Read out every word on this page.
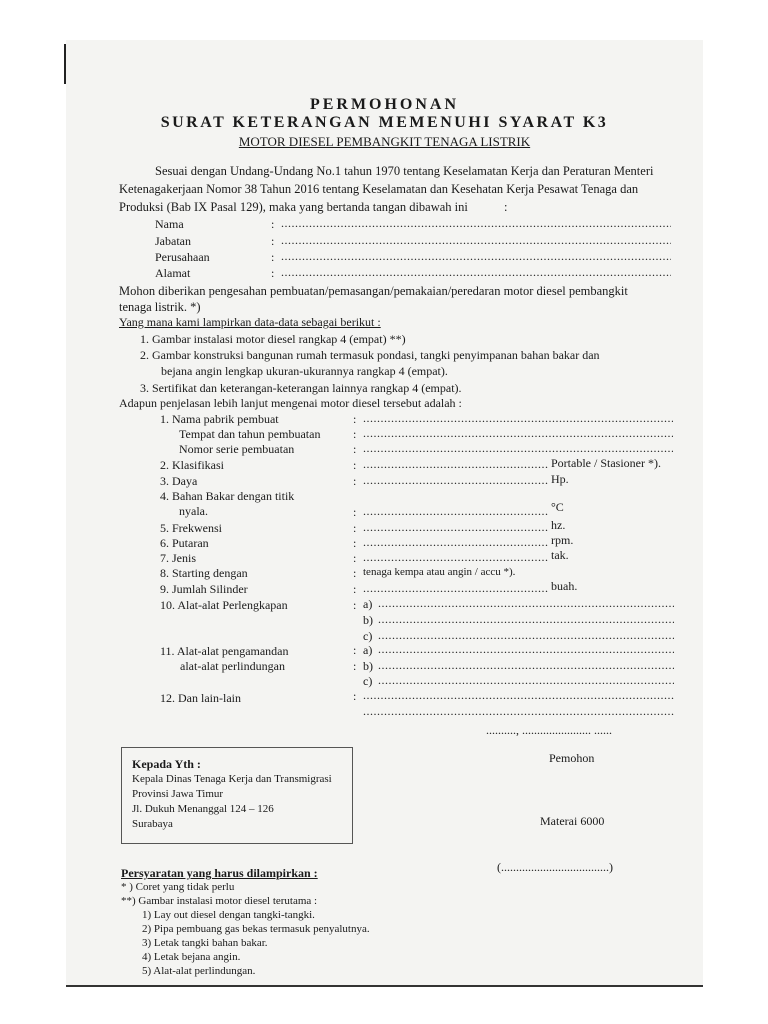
PERMOHONAN
SURAT KETERANGAN MEMENUHI SYARAT K3
MOTOR DIESEL PEMBANGKIT TENAGA LISTRIK
Sesuai dengan Undang-Undang No.1 tahun 1970 tentang Keselamatan Kerja dan Peraturan Menteri
Ketenagakerjaan Nomor 38 Tahun 2016 tentang Keselamatan dan Kesehatan Kerja Pesawat Tenaga dan
Produksi (Bab IX Pasal 129), maka yang bertanda tangan dibawah ini	:
Nama	:
.....
Jabatan	:
.....
Perusahaan	:
.....
Alamat	:
.....
Mohon diberikan pengesahan pembuatan/pemasangan/pemakaian/peredaran motor diesel pembangkit
tenaga listrik. *)
Yang mana kami lampirkan data-data sebagai berikut :
1. Gambar instalasi motor diesel rangkap 4 (empat) **)
2. Gambar konstruksi bangunan rumah termasuk pondasi, tangki penyimpanan bahan bakar dan
bejana angin lengkap ukuran-ukurannya rangkap 4 (empat).
3. Sertifikat dan keterangan-keterangan lainnya rangkap 4 (empat).
Adapun penjelasan lebih lanjut mengenai motor diesel tersebut adalah :
1. Nama pabrik pembuat	:
.....
Tempat dan tahun pembuatan	:
.....
Nomor serie pembuatan	:
.....
2. Klasifikasi	: .....	Portable / Stasioner *).
3. Daya	: .....	Hp.
4. Bahan Bakar dengan titik
nyala.	: .....	°C
5. Frekwensi	: .....	hz.
6. Putaran	: .....	rpm.
7. Jenis	: .....	tak.
8. Starting dengan	: tenaga kempa atau angin / accu *).
9. Jumlah Silinder	: .....	buah.
10. Alat-alat Perlengkapan	: a)
.....
b)
.....
c)
.....
11. Alat-alat pengamandan
alat-alat perlindungan
: a)
.....
: b)
.....
c)
.....
12. Dan lain-lain	:
.....
.....
.........., ....................... ......
Kepada Yth :
Kepala Dinas Tenaga Kerja dan Transmigrasi
Provinsi Jawa Timur
Jl. Dukuh Menanggal 124 – 126
Surabaya
Pemohon
Materai 6000
(....................................)
Persyaratan yang harus dilampirkan :
* ) Coret yang tidak perlu
**) Gambar instalasi motor diesel terutama :
1) Lay out diesel dengan tangki-tangki.
2) Pipa pembuang gas bekas termasuk penyalutnya.
3) Letak tangki bahan bakar.
4) Letak bejana angin.
5) Alat-alat perlindungan.
